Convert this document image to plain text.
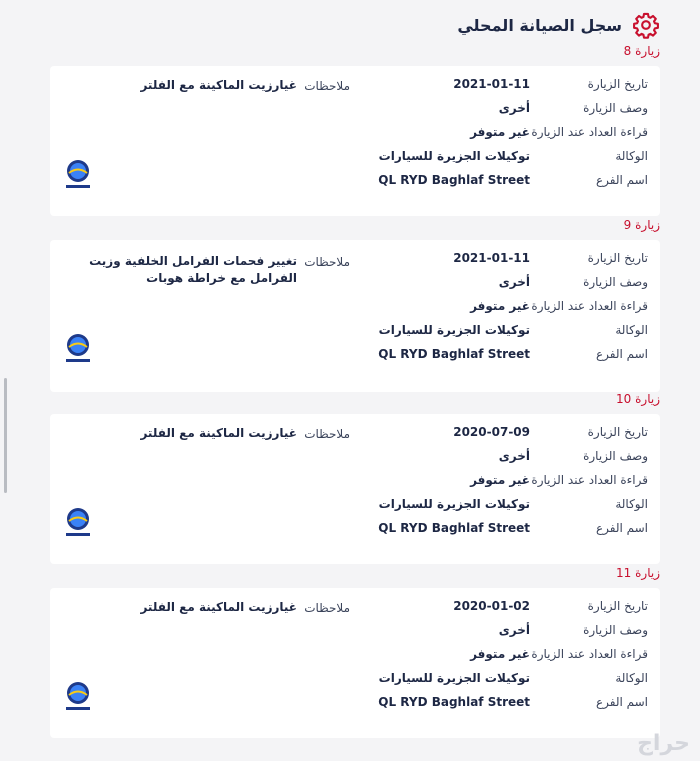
سجل الصيانة المحلي
زيارة 8
تاريخ الزيارة
2021-01-11
وصف الزيارة
أخرى
قراءة العداد عند الزيارة
غير متوفر
الوكالة
توكيلات الجزيرة للسيارات
اسم الفرع
QL RYD Baghlaf Street
ملاحظات
غيارزيت الماكينة مع الفلتر
زيارة 9
تاريخ الزيارة
2021-01-11
وصف الزيارة
أخرى
قراءة العداد عند الزيارة
غير متوفر
الوكالة
توكيلات الجزيرة للسيارات
اسم الفرع
QL RYD Baghlaf Street
ملاحظات
تغيير فحمات الفرامل الخلفية وزيت الفرامل مع خراطة هوبات
زيارة 10
تاريخ الزيارة
2020-07-09
وصف الزيارة
أخرى
قراءة العداد عند الزيارة
غير متوفر
الوكالة
توكيلات الجزيرة للسيارات
اسم الفرع
QL RYD Baghlaf Street
ملاحظات
غيارزيت الماكينة مع الفلتر
زيارة 11
تاريخ الزيارة
2020-01-02
وصف الزيارة
أخرى
قراءة العداد عند الزيارة
غير متوفر
الوكالة
توكيلات الجزيرة للسيارات
اسم الفرع
QL RYD Baghlaf Street
ملاحظات
غيارزيت الماكينة مع الفلتر
حراج
